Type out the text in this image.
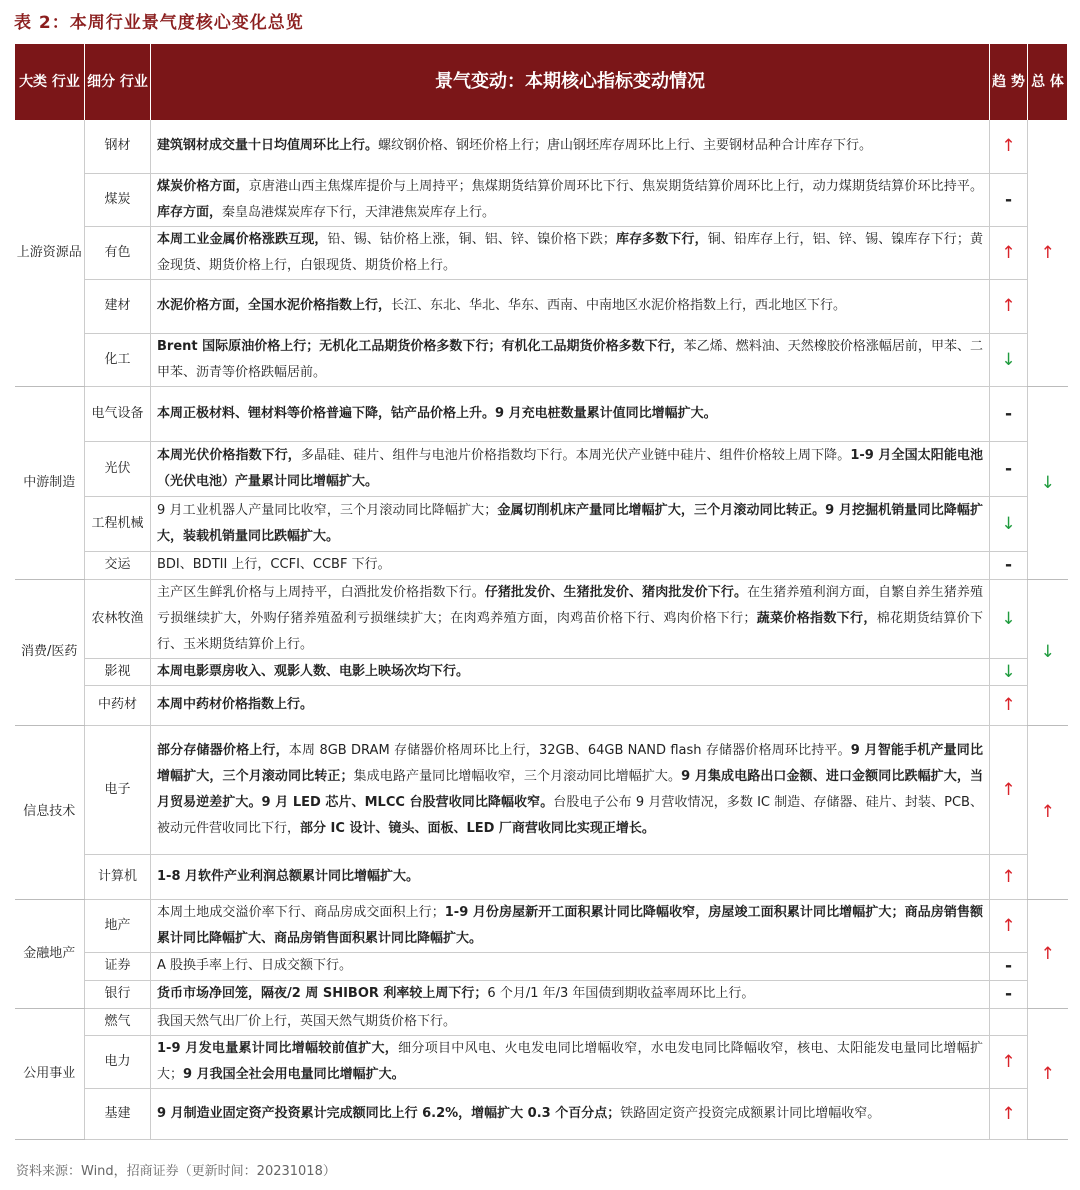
表 2：本周行业景气度核心变化总览
大类 行业	细分 行业	景气变动：本期核心指标变动情况	趋 势	总 体
上游资源品	钢材	建筑钢材成交量十日均值周环比上行。螺纹钢价格、钢坯价格上行；唐山钢坯库存周环比上行、主要钢材品种合计库存下行。	↑	↑
	煤炭	煤炭价格方面，京唐港山西主焦煤库提价与上周持平；焦煤期货结算价周环比下行、焦炭期货结算价周环比上行，动力煤期货结算价环比持平。库存方面，秦皇岛港煤炭库存下行，天津港焦炭库存上行。	-	
	有色	本周工业金属价格涨跌互现，铅、锡、钴价格上涨，铜、铝、锌、镍价格下跌；库存多数下行，铜、铅库存上行，铝、锌、锡、镍库存下行；黄金现货、期货价格上行，白银现货、期货价格上行。	↑	
	建材	水泥价格方面，全国水泥价格指数上行，长江、东北、华北、华东、西南、中南地区水泥价格指数上行，西北地区下行。	↑	
	化工	Brent 国际原油价格上行；无机化工品期货价格多数下行；有机化工品期货价格多数下行，苯乙烯、燃料油、天然橡胶价格涨幅居前，甲苯、二甲苯、沥青等价格跌幅居前。	↓	
中游制造	电气设备	本周正极材料、锂材料等价格普遍下降，钴产品价格上升。9 月充电桩数量累计值同比增幅扩大。	-	↓
	光伏	本周光伏价格指数下行，多晶硅、硅片、组件与电池片价格指数均下行。本周光伏产业链中硅片、组件价格较上周下降。1-9 月全国太阳能电池（光伏电池）产量累计同比增幅扩大。	-	
	工程机械	9 月工业机器人产量同比收窄，三个月滚动同比降幅扩大；金属切削机床产量同比增幅扩大，三个月滚动同比转正。9 月挖掘机销量同比降幅扩大，装载机销量同比跌幅扩大。	↓	
	交运	BDI、BDTII 上行，CCFI、CCBF 下行。	-	
消费/医药	农林牧渔	主产区生鲜乳价格与上周持平，白酒批发价格指数下行。仔猪批发价、生猪批发价、猪肉批发价下行。在生猪养殖利润方面，自繁自养生猪养殖亏损继续扩大，外购仔猪养殖盈利亏损继续扩大；在肉鸡养殖方面，肉鸡苗价格下行、鸡肉价格下行；蔬菜价格指数下行，棉花期货结算价下行、玉米期货结算价上行。	↓	↓
	影视	本周电影票房收入、观影人数、电影上映场次均下行。	↓	
	中药材	本周中药材价格指数上行。	↑	
信息技术	电子	部分存储器价格上行，本周 8GB DRAM 存储器价格周环比上行，32GB、64GB NAND flash 存储器价格周环比持平。9 月智能手机产量同比增幅扩大，三个月滚动同比转正；集成电路产量同比增幅收窄，三个月滚动同比增幅扩大。9 月集成电路出口金额、进口金额同比跌幅扩大，当月贸易逆差扩大。9 月 LED 芯片、MLCC 台股营收同比降幅收窄。台股电子公布 9 月营收情况，多数 IC 制造、存储器、硅片、封装、PCB、被动元件营收同比下行，部分 IC 设计、镜头、面板、LED 厂商营收同比实现正增长。	↑	↑
	计算机	1-8 月软件产业利润总额累计同比增幅扩大。	↑	
金融地产	地产	本周土地成交溢价率下行、商品房成交面积上行；1-9 月份房屋新开工面积累计同比降幅收窄，房屋竣工面积累计同比增幅扩大；商品房销售额累计同比降幅扩大、商品房销售面积累计同比降幅扩大。	↑	↑
	证券	A 股换手率上行、日成交额下行。	-	
	银行	货币市场净回笼，隔夜/2 周 SHIBOR 利率较上周下行；6 个月/1 年/3 年国债到期收益率周环比上行。	-	
公用事业	燃气	我国天然气出厂价上行，英国天然气期货价格下行。		↑
	电力	1-9 月发电量累计同比增幅较前值扩大，细分项目中风电、火电发电同比增幅收窄，水电发电同比降幅收窄，核电、太阳能发电量同比增幅扩大；9 月我国全社会用电量同比增幅扩大。	↑	
	基建	9 月制造业固定资产投资累计完成额同比上行 6.2%，增幅扩大 0.3 个百分点；铁路固定资产投资完成额累计同比增幅收窄。	↑	
资料来源：Wind，招商证券（更新时间：20231018）
